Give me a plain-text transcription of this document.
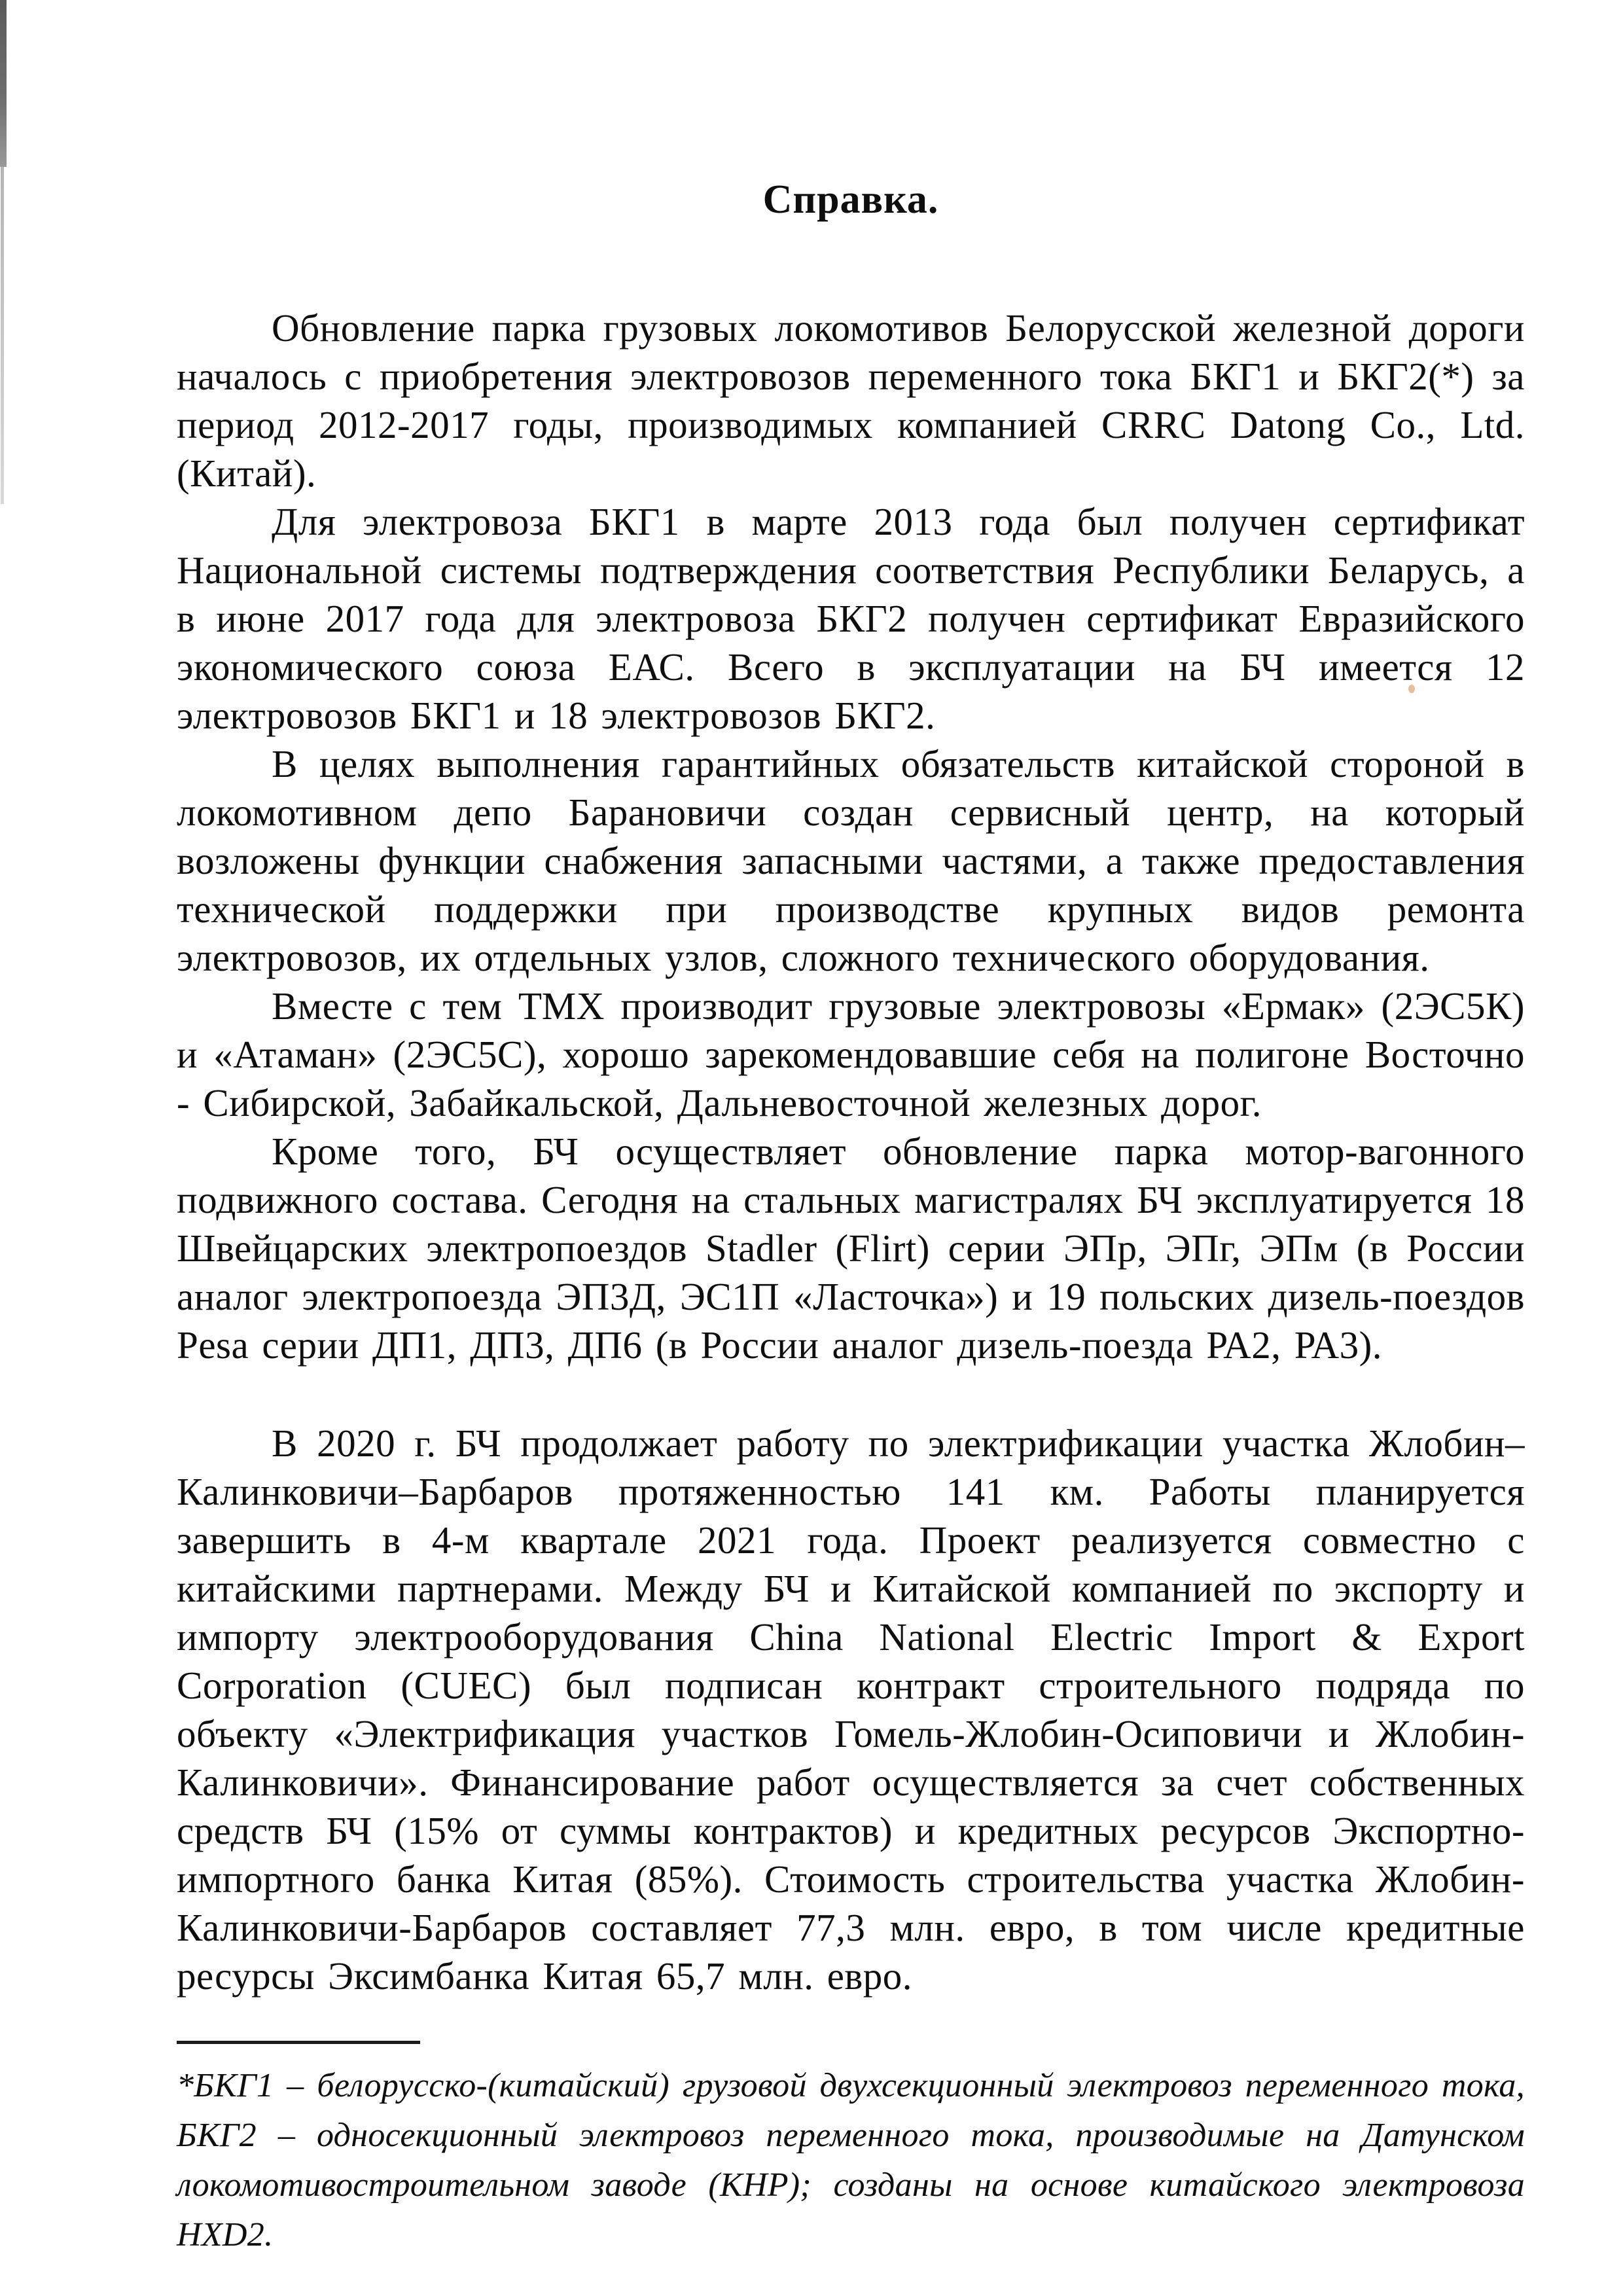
Справка.

Обновление парка грузовых локомотивов Белорусской железной дороги началось с приобретения электровозов переменного тока БКГ1 и БКГ2(*) за период 2012-2017 годы, производимых компанией CRRC Datong Co., Ltd. (Китай).

Для электровоза БКГ1 в марте 2013 года был получен сертификат Национальной системы подтверждения соответствия Республики Беларусь, а в июне 2017 года для электровоза БКГ2 получен сертификат Евразийского экономического союза ЕАС. Всего в эксплуатации на БЧ имеется 12 электровозов БКГ1 и 18 электровозов БКГ2.

В целях выполнения гарантийных обязательств китайской стороной в локомотивном депо Барановичи создан сервисный центр, на который возложены функции снабжения запасными частями, а также предоставления технической поддержки при производстве крупных видов ремонта электровозов, их отдельных узлов, сложного технического оборудования.

Вместе с тем ТМХ производит грузовые электровозы «Ермак» (2ЭС5К) и «Атаман» (2ЭС5С), хорошо зарекомендовавшие себя на полигоне Восточно - Сибирской, Забайкальской, Дальневосточной железных дорог.

Кроме того, БЧ осуществляет обновление парка мотор-вагонного подвижного состава. Сегодня на стальных магистралях БЧ эксплуатируется 18 Швейцарских электропоездов Stadler (Flirt) серии ЭПр, ЭПг, ЭПм (в России аналог электропоезда ЭП3Д, ЭС1П «Ласточка») и 19 польских дизель-поездов Pesa серии ДП1, ДП3, ДП6 (в России аналог дизель-поезда РА2, РА3).

В 2020 г. БЧ продолжает работу по электрификации участка Жлобин–Калинковичи–Барбаров протяженностью 141 км. Работы планируется завершить в 4-м квартале 2021 года. Проект реализуется совместно с китайскими партнерами. Между БЧ и Китайской компанией по экспорту и импорту электрооборудования China National Electric Import & Export Corporation (CUEC) был подписан контракт строительного подряда по объекту «Электрификация участков Гомель-Жлобин-Осиповичи и Жлобин-Калинковичи». Финансирование работ осуществляется за счет собственных средств БЧ (15% от суммы контрактов) и кредитных ресурсов Экспортно-импортного банка Китая (85%). Стоимость строительства участка Жлобин-Калинковичи-Барбаров составляет 77,3 млн. евро, в том числе кредитные ресурсы Эксимбанка Китая 65,7 млн. евро.

*БКГ1 – белорусско-(китайский) грузовой двухсекционный электровоз переменного тока, БКГ2 – односекционный электровоз переменного тока, производимые на Датунском локомотивостроительном заводе (КНР); созданы на основе китайского электровоза HXD2.
